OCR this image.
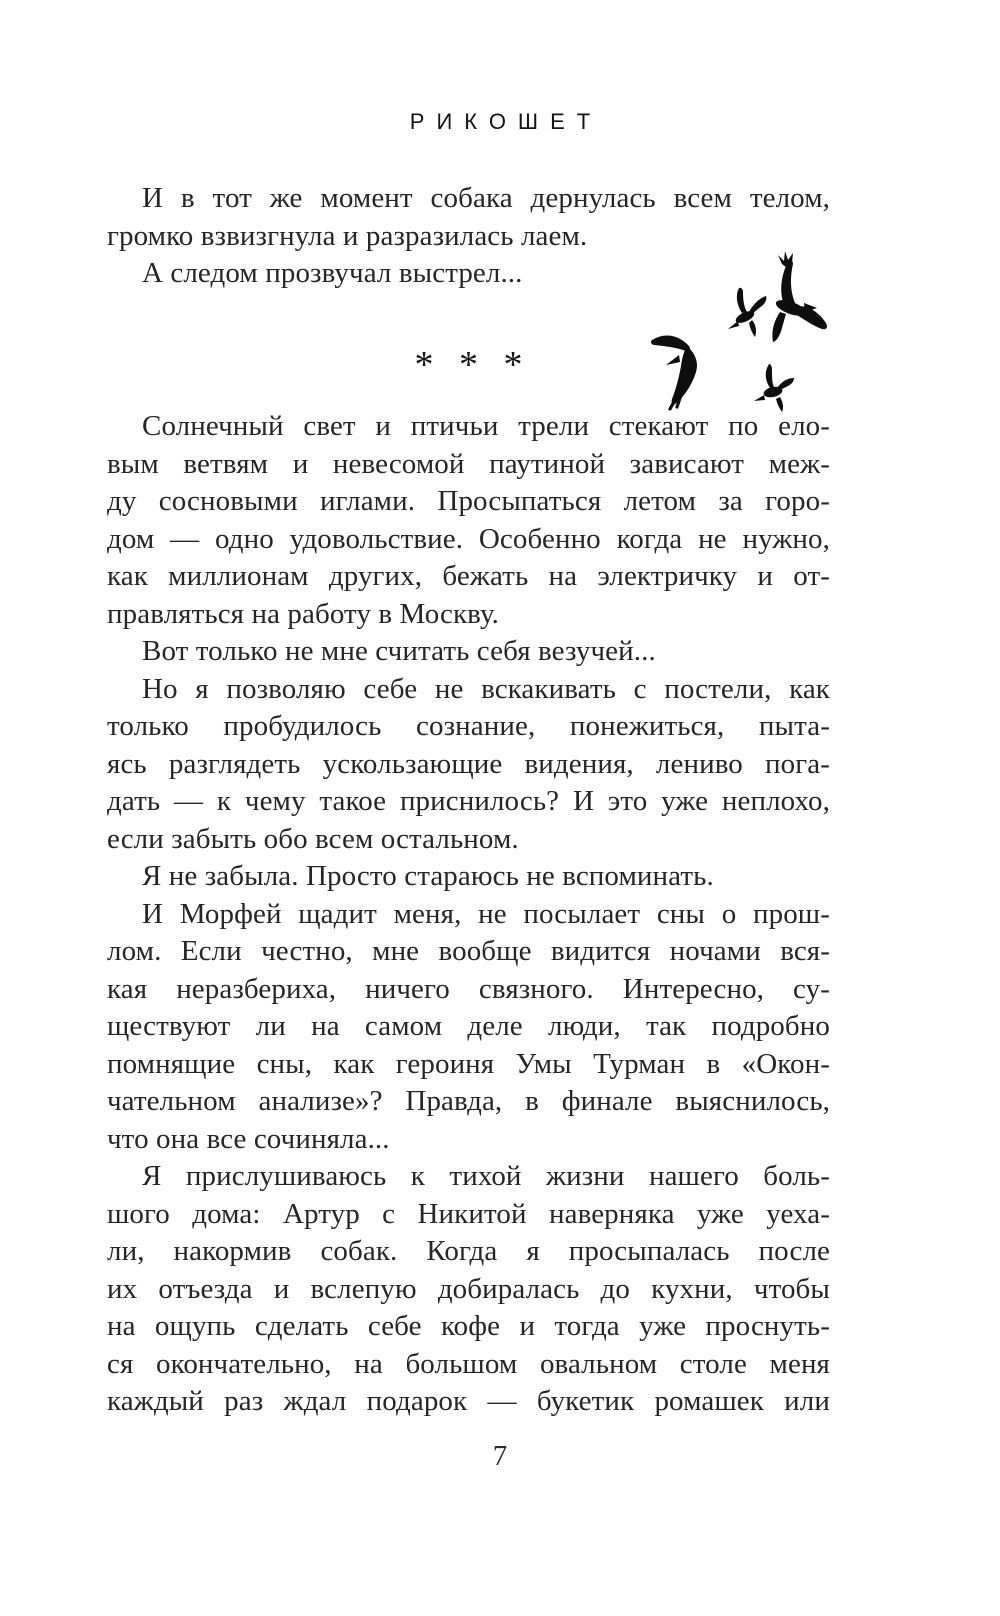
РИКОШЕТ
И в тот же момент собака дернулась всем телом,
громко взвизгнула и разразилась лаем.
А следом прозвучал выстрел...
* * *
Солнечный свет и птичьи трели стекают по ело-
вым ветвям и невесомой паутиной зависают меж-
ду сосновыми иглами. Просыпаться летом за горо-
дом — одно удовольствие. Особенно когда не нужно,
как миллионам других, бежать на электричку и от-
правляться на работу в Москву.
Вот только не мне считать себя везучей...
Но я позволяю себе не вскакивать с постели, как
только пробудилось сознание, понежиться, пыта-
ясь разглядеть ускользающие видения, лениво пога-
дать — к чему такое приснилось? И это уже неплохо,
если забыть обо всем остальном.
Я не забыла. Просто стараюсь не вспоминать.
И Морфей щадит меня, не посылает сны о прош-
лом. Если честно, мне вообще видится ночами вся-
кая неразбериха, ничего связного. Интересно, су-
ществуют ли на самом деле люди, так подробно
помнящие сны, как героиня Умы Турман в «Окон-
чательном анализе»? Правда, в финале выяснилось,
что она все сочиняла...
Я прислушиваюсь к тихой жизни нашего боль-
шого дома: Артур с Никитой наверняка уже уеха-
ли, накормив собак. Когда я просыпалась после
их отъезда и вслепую добиралась до кухни, чтобы
на ощупь сделать себе кофе и тогда уже проснуть-
ся окончательно, на большом овальном столе меня
каждый раз ждал подарок — букетик ромашек или
7
